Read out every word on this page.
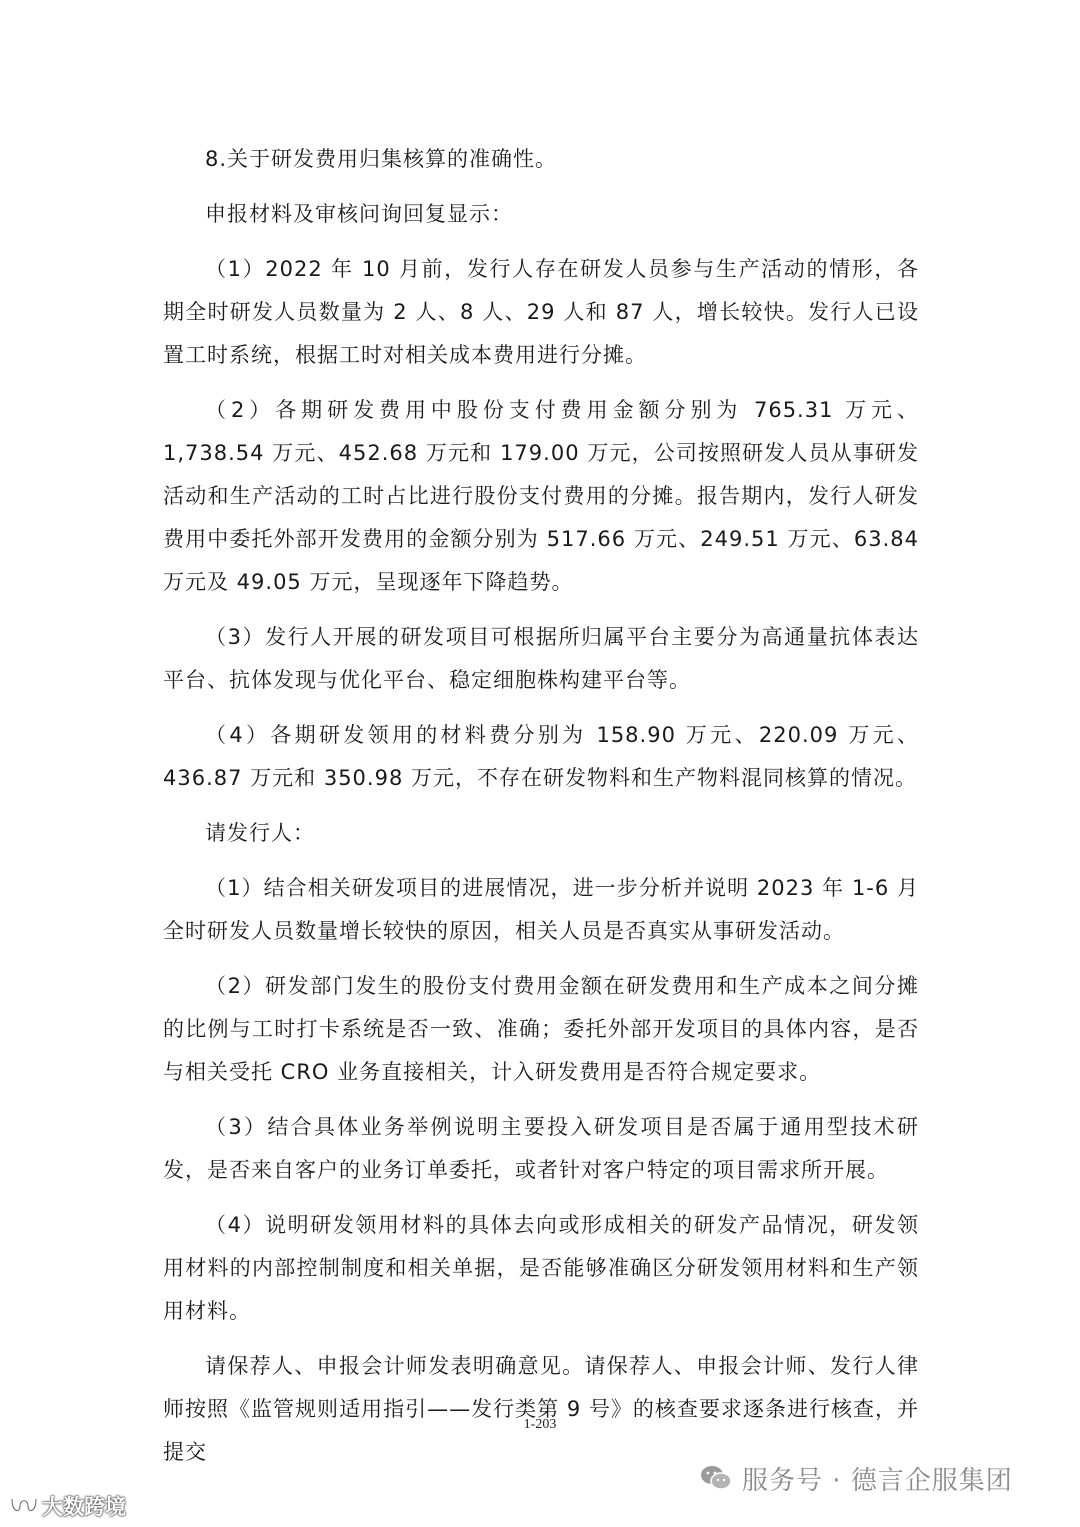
8.关于研发费用归集核算的准确性。

申报材料及审核问询回复显示：

（1）2022 年 10 月前，发行人存在研发人员参与生产活动的情形，各期全时研发人员数量为 2 人、8 人、29 人和 87 人，增长较快。发行人已设置工时系统，根据工时对相关成本费用进行分摊。

（2）各期研发费用中股份支付费用金额分别为 765.31 万元、1,738.54 万元、452.68 万元和 179.00 万元，公司按照研发人员从事研发活动和生产活动的工时占比进行股份支付费用的分摊。报告期内，发行人研发费用中委托外部开发费用的金额分别为 517.66 万元、249.51 万元、63.84 万元及 49.05 万元，呈现逐年下降趋势。

（3）发行人开展的研发项目可根据所归属平台主要分为高通量抗体表达平台、抗体发现与优化平台、稳定细胞株构建平台等。

（4）各期研发领用的材料费分别为 158.90 万元、220.09 万元、436.87 万元和 350.98 万元，不存在研发物料和生产物料混同核算的情况。

请发行人：

（1）结合相关研发项目的进展情况，进一步分析并说明 2023 年 1-6 月全时研发人员数量增长较快的原因，相关人员是否真实从事研发活动。

（2）研发部门发生的股份支付费用金额在研发费用和生产成本之间分摊的比例与工时打卡系统是否一致、准确；委托外部开发项目的具体内容，是否与相关受托 CRO 业务直接相关，计入研发费用是否符合规定要求。

（3）结合具体业务举例说明主要投入研发项目是否属于通用型技术研发，是否来自客户的业务订单委托，或者针对客户特定的项目需求所开展。

（4）说明研发领用材料的具体去向或形成相关的研发产品情况，研发领用材料的内部控制制度和相关单据，是否能够准确区分研发领用材料和生产领用材料。

请保荐人、申报会计师发表明确意见。请保荐人、申报会计师、发行人律师按照《监管规则适用指引——发行类第 9 号》的核查要求逐条进行核查，并提交

1-203
服务号 · 德言企服集团
大数跨境
